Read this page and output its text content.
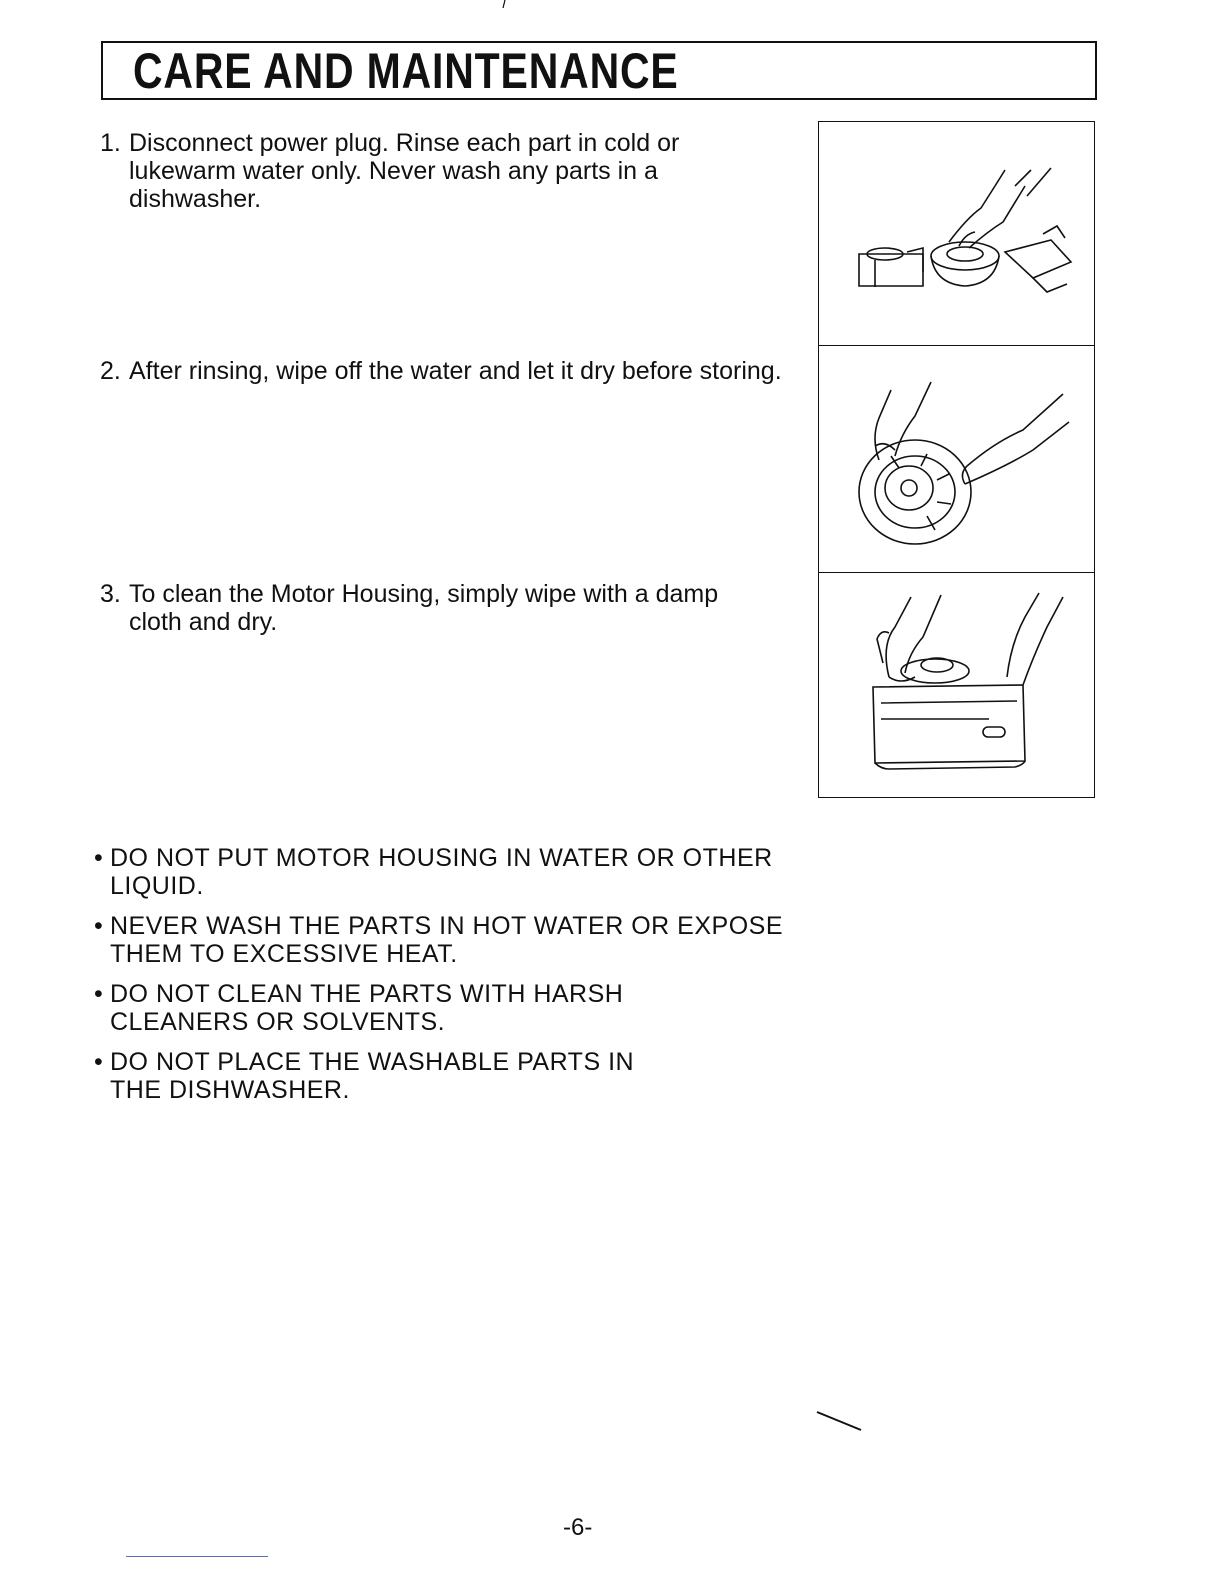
CARE AND MAINTENANCE
1. Disconnect power plug. Rinse each part in cold or lukewarm water only. Never wash any parts in a dishwasher.
2. After rinsing, wipe off the water and let it dry before storing.
3. To clean the Motor Housing, simply wipe with a damp cloth and dry.
• DO NOT PUT MOTOR HOUSING IN WATER OR OTHER LIQUID.
• NEVER WASH THE PARTS IN HOT WATER OR EXPOSE THEM TO EXCESSIVE HEAT.
• DO NOT CLEAN THE PARTS WITH HARSH CLEANERS OR SOLVENTS.
• DO NOT PLACE THE WASHABLE PARTS IN THE DISHWASHER.
-6-
